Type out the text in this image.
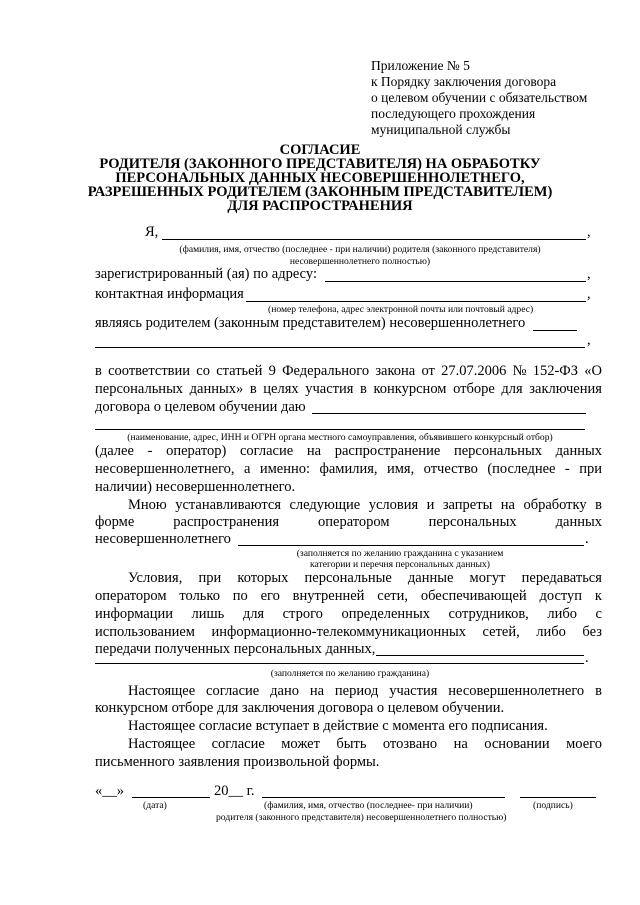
Приложение № 5
к Порядку заключения договора
о целевом обучении с обязательством
последующего прохождения
муниципальной службы
СОГЛАСИЕ
РОДИТЕЛЯ (ЗАКОННОГО ПРЕДСТАВИТЕЛЯ) НА ОБРАБОТКУ
ПЕРСОНАЛЬНЫХ ДАННЫХ НЕСОВЕРШЕННОЛЕТНЕГО,
РАЗРЕШЕННЫХ РОДИТЕЛЕМ (ЗАКОННЫМ ПРЕДСТАВИТЕЛЕМ)
ДЛЯ РАСПРОСТРАНЕНИЯ
Я,	,
(фамилия, имя, отчество (последнее - при наличии) родителя (законного представителя)
несовершеннолетнего полностью)
зарегистрированный (ая) по адресу:	,
контактная информация	,
(номер телефона, адрес электронной почты или почтовый адрес)
являясь родителем (законным представителем) несовершеннолетнего
,
в соответствии со статьей 9 Федерального закона от 27.07.2006 № 152-ФЗ «О
персональных данных» в целях участия в конкурсном отборе для заключения
договора о целевом обучении даю
(наименование, адрес, ИНН и ОГРН органа местного самоуправления, объявившего конкурсный отбор)
(далее - оператор) согласие на распространение персональных данных
несовершеннолетнего, а именно: фамилия, имя, отчество (последнее - при
наличии) несовершеннолетнего.
Мною устанавливаются следующие условия и запреты на обработку в
форме	распространения	оператором	персональных	данных
несовершеннолетнего	.
(заполняется по желанию гражданина с указанием
категории и перечня персональных данных)
Условия, при которых персональные данные могут передаваться
оператором только по его внутренней сети, обеспечивающей доступ к
информации лишь для строго определенных сотрудников, либо с
использованием информационно-телекоммуникационных сетей, либо без
передачи полученных персональных данных,
.
(заполняется по желанию гражданина)
Настоящее согласие дано на период участия несовершеннолетнего в
конкурсном отборе для заключения договора о целевом обучении.
Настоящее согласие вступает в действие с момента его подписания.
Настоящее согласие может быть отозвано на основании моего
письменного заявления произвольной формы.
«__»	20__ г.
(дата)	(фамилия, имя, отчество (последнее- при наличии)	(подпись)
родителя (законного представителя) несовершеннолетнего полностью)
